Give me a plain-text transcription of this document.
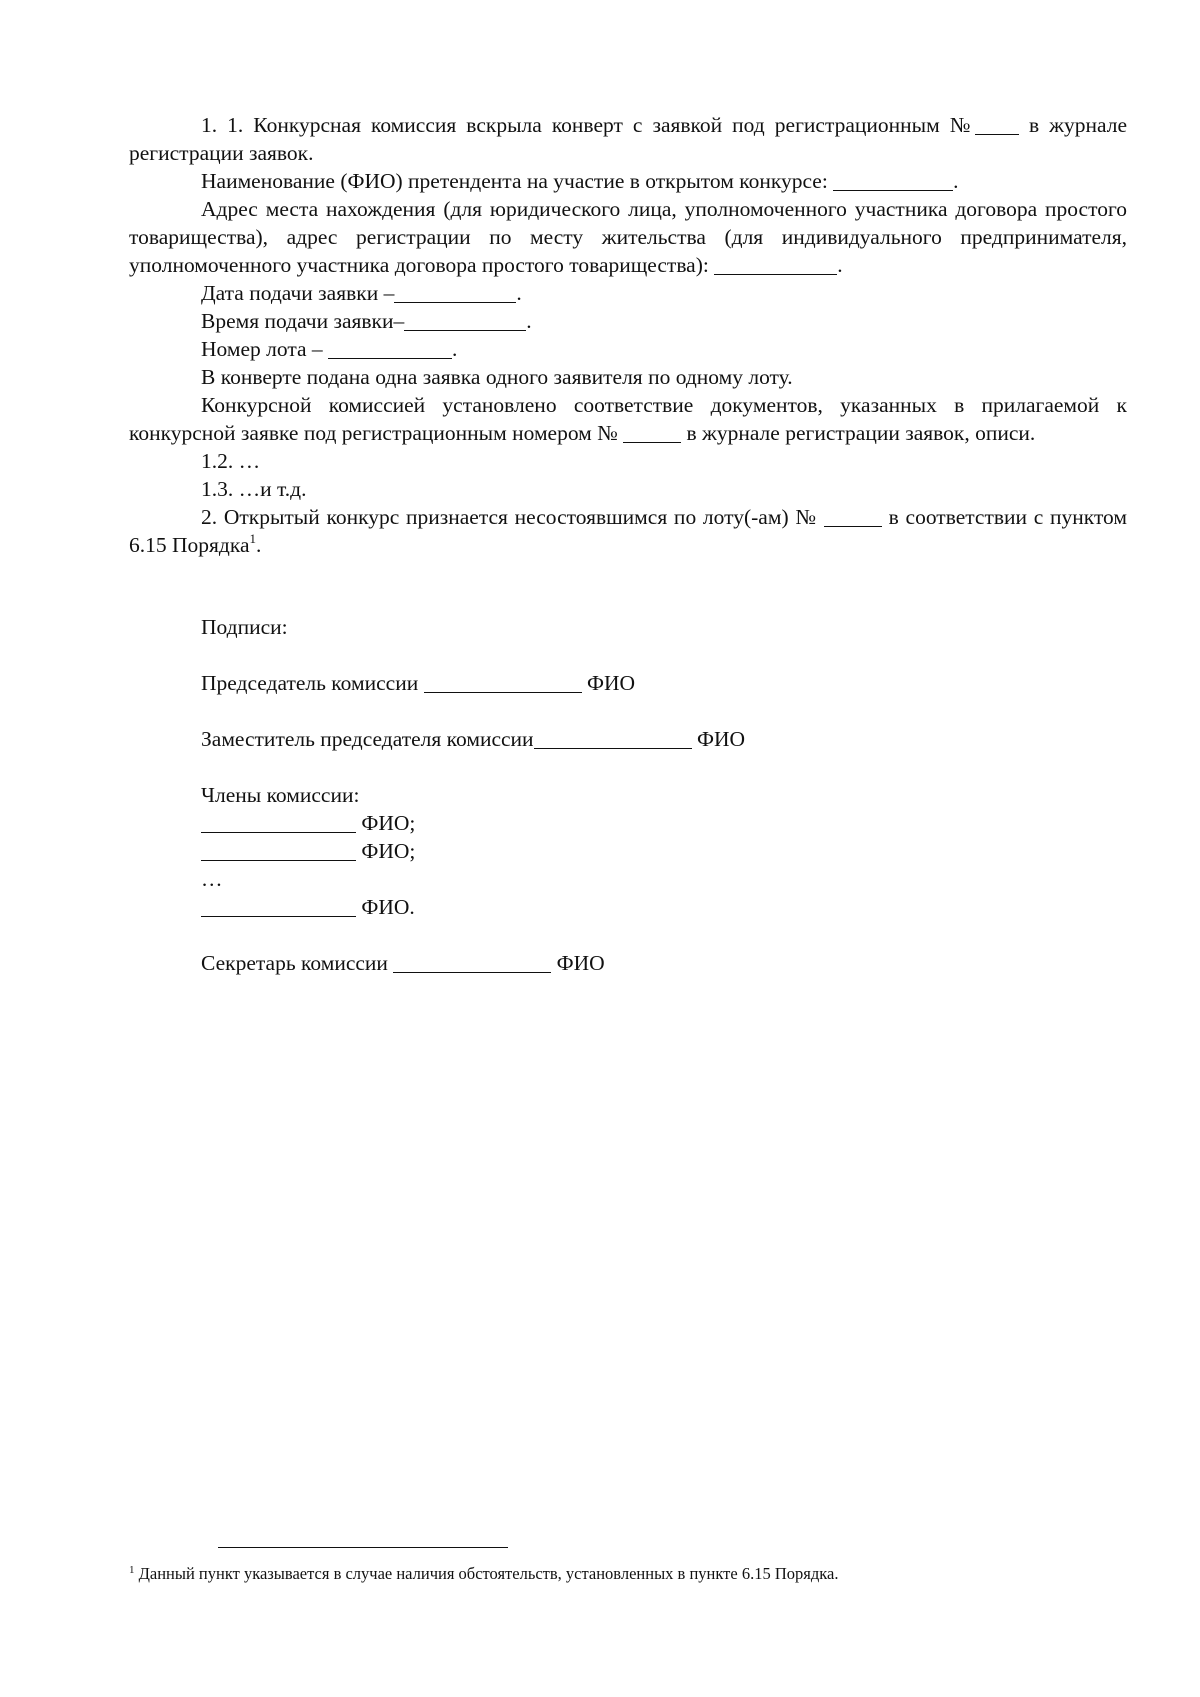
1. 1. Конкурсная комиссия вскрыла конверт с заявкой под регистрационным №	в журнале регистрации заявок.

Наименование (ФИО) претендента на участие в открытом конкурсе:	.

Адрес места нахождения (для юридического лица, уполномоченного участника договора простого товарищества), адрес регистрации по месту жительства (для индивидуального предпринимателя, уполномоченного участника договора простого товарищества):	.

Дата подачи заявки –	.

Время подачи заявки–	.

Номер лота –	.

В конверте подана одна заявка одного заявителя по одному лоту.

Конкурсной комиссией установлено соответствие документов, указанных в прилагаемой к конкурсной заявке под регистрационным номером №	в журнале регистрации заявок, описи.

1.2. …

1.3. …и т.д.

2. Открытый конкурс признается несостоявшимся по лоту(-ам) №	в соответствии с пунктом 6.15 Порядка$^1$.

Подписи:
Председатель комиссии	ФИО
Заместитель председателя комиссии	ФИО
Члены комиссии:
ФИО;
ФИО;
…
ФИО.
Секретарь комиссии	ФИО
$^1$ Данный пункт указывается в случае наличия обстоятельств, установленных в пункте 6.15 Порядка.
